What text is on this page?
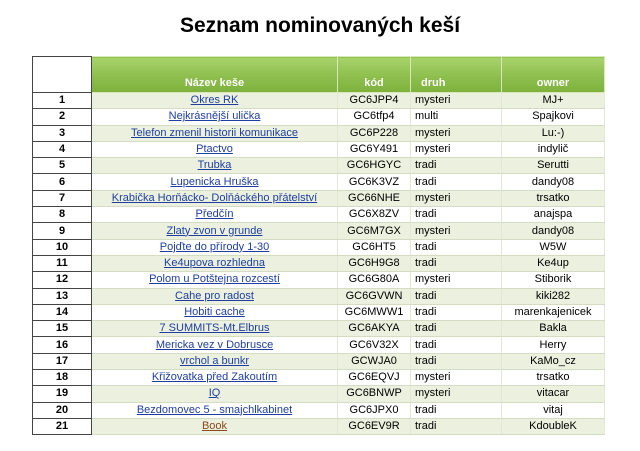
Seznam nominovaných keší
	Název keše	kód	druh	owner
1	Okres RK	GC6JPP4	mysteri	MJ+
2	Nejkrásnější ulička	GC6tfp4	multi	Spajkovi
3	Telefon zmenil historii komunikace	GC6P228	mysteri	Lu:-)
4	Ptactvo	GC6Y491	mysteri	indylič
5	Trubka	GC6HGYC	tradi	Serutti
6	Lupenicka Hruška	GC6K3VZ	tradi	dandy08
7	Krabička Horňácko- Dolňáckého přátelství	GC66NHE	mysteri	trsatko
8	Předčín	GC6X8ZV	tradi	anajspa
9	Zlaty zvon v grunde	GC6M7GX	mysteri	dandy08
10	Pojďte do přírody 1-30	GC6HT5	tradi	W5W
11	Ke4upova rozhledna	GC6H9G8	tradi	Ke4up
12	Polom u Potštejna rozcestí	GC6G80A	mysteri	Stiborik
13	Cahe pro radost	GC6GVWN	tradi	kiki282
14	Hobiti cache	GC6MWW1	tradi	marenkajenicek
15	7 SUMMITS-Mt.Elbrus	GC6AKYA	tradi	Bakla
16	Mericka vez v Dobrusce	GC6V32X	tradi	Herry
17	vrchol a bunkr	GCWJA0	tradi	KaMo_cz
18	Křižovatka před Zakoutím	GC6EQVJ	mysteri	trsatko
19	IQ	GC6BNWP	mysteri	vitacar
20	Bezdomovec 5 - smajchlkabinet	GC6JPX0	tradi	vitaj
21	Book	GC6EV9R	tradi	KdoubleK
